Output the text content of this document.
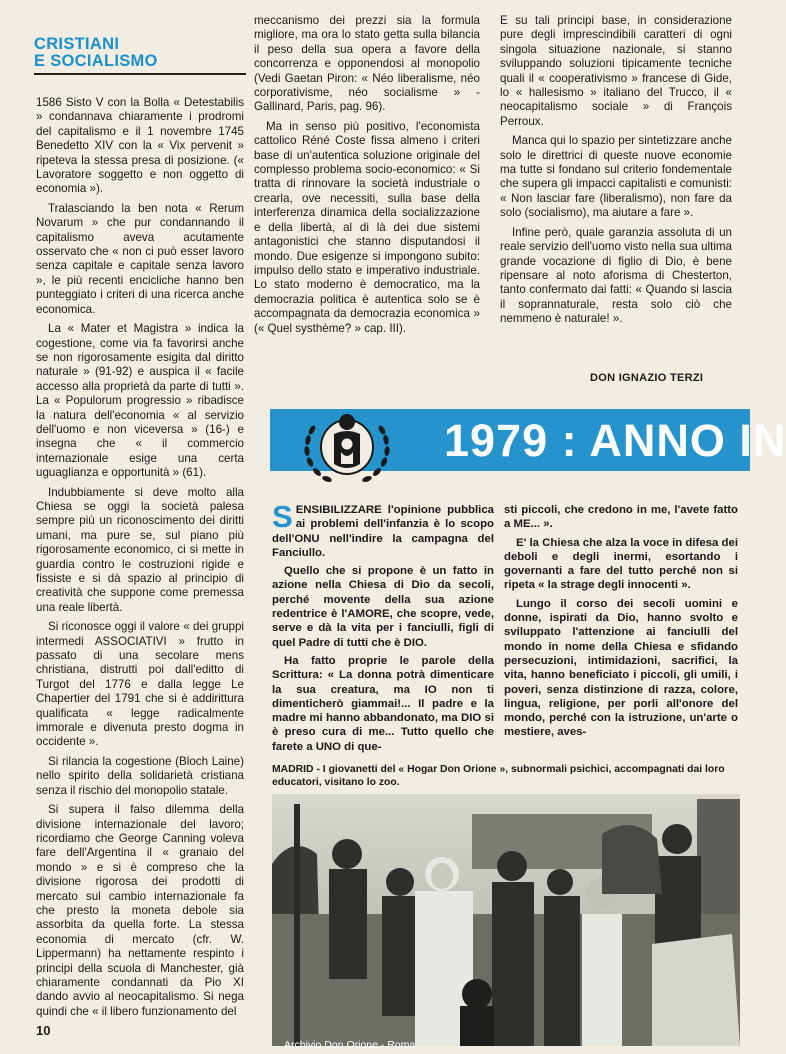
CRISTIANI
E SOCIALISMO

1586 Sisto V con la Bolla « Detestabilis » condannava chiaramente i prodromi del capitalismo e il 1 novembre 1745 Benedetto XIV con la « Vix pervenit » ripeteva la stessa presa di posizione. (« Lavoratore soggetto e non oggetto di economia »).

Tralasciando la ben nota « Rerum Novarum » che pur condannando il capitalismo aveva acutamente osservato che « non ci può esser lavoro senza capitale e capitale senza lavoro », le più recenti encicliche hanno ben punteggiato i criteri di una ricerca anche economica.

La « Mater et Magistra » indica la cogestione, come via fa favorirsi anche se non rigorosamente esigita dal diritto naturale » (91-92) e auspica il « facile accesso alla proprietà da parte di tutti ». La « Populorum progressio » ribadisce la natura dell'economia « al servizio dell'uomo e non viceversa » (16-) e insegna che « il commercio internazionale esige una certa uguaglianza e opportunità » (61).

Indubbiamente si deve molto alla Chiesa se oggi la società palesa sempre più un riconoscimento dei diritti umani, ma pure se, sul piano più rigorosamente economico, ci si mette in guardia contro le costruzioni rigide e fissiste e si dà spazio al principio di creatività che suppone come premessa una reale libertà.

Si riconosce oggi il valore « dei gruppi intermedi ASSOCIATIVI » frutto in passato di una secolare mens christiana, distrutti poi dall'editto di Turgot del 1776 e dalla legge Le Chapertier del 1791 che si è addirittura qualificata « legge radicalmente immorale e divenuta presto dogma in occidente ».

Si rilancia la cogestione (Bloch Laine) nello spirito della solidarietà cristiana senza il rischio del monopolio statale.

Si supera il falso dilemma della divisione internazionale del lavoro; ricordiamo che George Canning voleva fare dell'Argentina il « granaio del mondo » e si è compreso che la divisione rigorosa dei prodotti di mercato sul cambio internazionale fa che presto la moneta debole sia assorbita da quella forte. La stessa economia di mercato (cfr. W. Lippermann) ha nettamente respinto i principi della scuola di Manchester, già chiaramente condannati da Pio XI dando avvio al neocapitalismo. Si nega quindi che « il libero funzionamento del

meccanismo dei prezzi sia la formula migliore, ma ora lo stato getta sulla bilancia il peso della sua opera a favore della concorrenza e opponendosi al monopolio (Vedi Gaetan Piron: « Néo liberalisme, néo corporativisme, néo socialisme » - Gallinard, Paris, pag. 96).

Ma in senso più positivo, l'economista cattolico Réné Coste fissa almeno i criteri base di un'autentica soluzione originale del complesso problema socio-economico: « Si tratta di rinnovare la società industriale o crearla, ove necessiti, sulla base della interferenza dinamica della socializzazione e della libertà, al di là dei due sistemi antagonistici che stanno disputandosi il mondo. Due esigenze si impongono subito: impulso dello stato e imperativo industriale. Lo stato moderno è democratico, ma la democrazia politica è autentica solo se è accompagnata da democrazia economica » (« Quel systhème? » cap. III).

E su tali principi base, in considerazione pure degli imprescindibili caratteri di ogni singola situazione nazionale, si stanno sviluppando soluzioni tipicamente tecniche quali il « cooperativismo » francese di Gide, lo « hallesismo » italiano del Trucco, il « neocapitalismo sociale » di François Perroux.

Manca qui lo spazio per sintetizzare anche solo le direttrici di queste nuove economie ma tutte si fondano sul criterio fondementale che supera gli impacci capitalisti e comunisti: « Non lasciar fare (liberalismo), non fare da solo (socialismo), ma aiutare a fare ».

Infine però, quale garanzia assoluta di un reale servizio dell'uomo visto nella sua ultima grande vocazione di figlio di Dio, è bene ripensare al noto aforisma di Chesterton, tanto confermato dai fatti: « Quando si lascia il soprannaturale, resta solo ciò che nemmeno è naturale! ».

DON IGNAZIO TERZI
1979 : ANNO IN

SENSIBILIZZARE l'opinione pubblica ai problemi dell'infanzia è lo scopo dell'ONU nell'indire la campagna del Fanciullo.

Quello che si propone è un fatto in azione nella Chiesa di Dio da secoli, perché movente della sua azione redentrice è l'AMORE, che scopre, vede, serve e dà la vita per i fanciulli, figli di quel Padre di tutti che è DIO.

Ha fatto proprie le parole della Scrittura: « La donna potrà dimenticare la sua creatura, ma IO non ti dimenticherò giammai!... Il padre e la madre mi hanno abbandonato, ma DIO si è preso cura di me... Tutto quello che farete a UNO di que-

sti piccoli, che credono in me, l'avete fatto a ME... ».

E' la Chiesa che alza la voce in difesa dei deboli e degli inermi, esortando i governanti a fare del tutto perché non si ripeta « la strage degli innocenti ».

Lungo il corso dei secoli uomini e donne, ispirati da Dio, hanno svolto e sviluppato l'attenzione ai fanciulli del mondo in nome della Chiesa e sfidando persecuzioni, intimidazioni, sacrifici, la vita, hanno beneficiato i piccoli, gli umili, i poveri, senza distinzione di razza, colore, lingua, religione, per porli all'onore del mondo, perché con la istruzione, un'arte o mestiere, aves-

MADRID - I giovanetti del « Hogar Don Orione », subnormali psichici, accompagnati dai loro educatori, visitano lo zoo.
10
Archivio Don Orione - Roma
